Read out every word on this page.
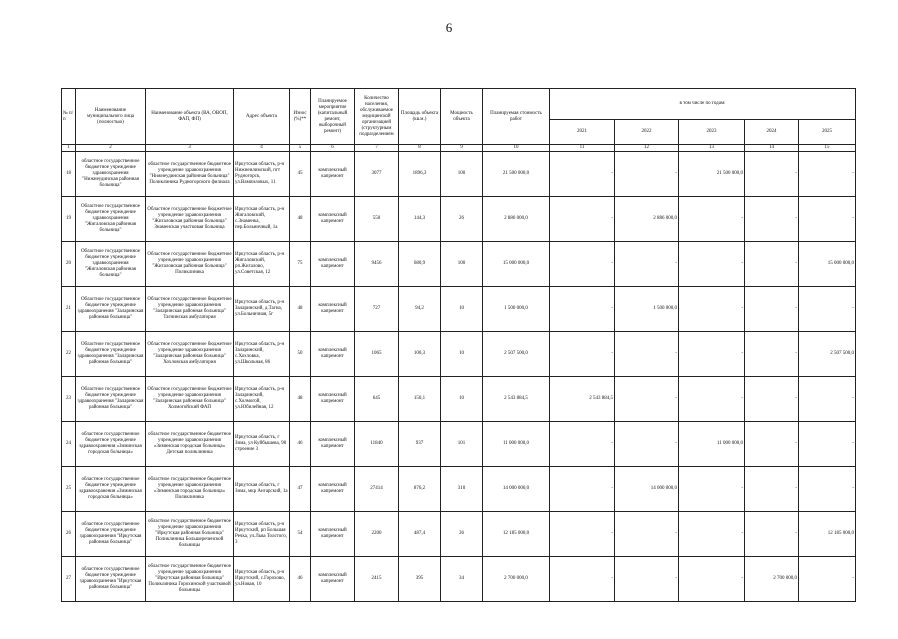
6
№ п/п	Наименование муниципального лица (полностью)	Наименование объекта (ВА, ОВОП, ФАП, ФП)	Адрес объекта	Износ (%)**	Планируемое мероприятие (капитальный ремонт, выборочный ремонт)	Количество населения, обслуживаемое медицинской организацией (структурным подразделением	Площадь объекта (кв.м.)	Мощность объекта	Планируемая стоимость работ	в том числе по годам:				
										2021	2022	2023	2024	2025
1	2	3	4	5	6	7	8	9	10	11	12	13	14	15
18	областное государственное бюджетное учреждение здравоохранения "Нижнеудинская районная больница"	областное государственное бюджетное учреждение здравоохранения "Нижнеудинская районная больница" Поликлиника Рудногорского филиала	Иркутская область, р-н Нижнеилимский, пгт Рудногорск, ул.Вампиловых, 11	45	комплексный капремонт	3077	1896,3	100	21 500 000,0	-	-	21 500 000,0	-	-
19	Областное государственное бюджетное учреждение здравоохранения "Жигаловская районная больница"	Областное государственное бюджетное учреждение здравоохранения "Жигаловская районная больница" Знаменская участковая больница	Иркутская область, р-н Жигаловский, с.Знаменка, пер.Больничный, 1а	48	комплексный капремонт	550	144,3	26	2 886 000,0	-	2 886 000,0	-	-	-
20	Областное государственное бюджетное учреждение здравоохранения "Жигаловская районная больница"	Областное государственное бюджетное учреждение здравоохранения "Жигаловская районная больница" Поликлиника	Иркутская область, р-н Жигаловский, рп.Жигалово, ул.Советская, 12	75	комплексный капремонт	9456	680,9	100	15 000 000,0	-	-	-	-	15 000 000,0
21	Областное государственное бюджетное учреждение здравоохранения "Заларинская районная больница"	Областное государственное бюджетное учреждение здравоохранения "Заларинская районная больница" Тагнинская амбулатория	Иркутская область, р-н Заларинский, д.Тагна, ул.Больничная, 5г	48	комплексный капремонт	727	94,2	10	1 500 000,0	-	1 500 000,0	-	-	-
22	Областное государственное бюджетное учреждение здравоохранения "Заларинская районная больница"	Областное государственное бюджетное учреждение здравоохранения "Заларинская районная больница" Хохловская амбулатория	Иркутская область, р-н Заларинский, с.Хохловка, ул.Школьная, 86	50	комплексный капремонт	1065	100,3	10	2 507 500,0	-	-	-	-	2 507 500,0
23	Областное государственное бюджетное учреждение здравоохранения "Заларинская районная больница"	Областное государственное бюджетное учреждение здравоохранения "Заларинская районная больница" Холмогойский ФАП	Иркутская область, р-н Заларинский, с.Холмогой, ул.Юбилейная, 12	48	комплексный капремонт	645	150,1	10	2 543 884,5	2 543 884,5	-	-	-	-
24	областное государственное бюджетное учреждение здравоохранения «Зиминская городская больница»	областное государственное бюджетное учреждение здравоохранения «Зиминская городская больница» Детская поликлиника	Иркутская область, г Зима, ул Куйбышева, 98 строение 3	46	комплексный капремонт	11840	937	101	11 000 000,0	-	-	11 000 000,0	-	-
25	областное государственное бюджетное учреждение здравоохранения «Зиминская городская больница»	областное государственное бюджетное учреждение здравоохранения «Зиминская городская больница» Поликлиника	Иркутская область, г Зима, мкр Ангарский, 1а	47	комплексный капремонт	27414	876,2	310	14 000 000,0	-	14 000 000,0	-	-	-
26	областное государственное бюджетное учреждение здравоохранения "Иркутская районная больница"	областное государственное бюджетное учреждение здравоохранения "Иркутская районная больница" Поликлиника Большереченской больницы	Иркутская область, р-н Иркутский, рп Большая Речка, ул.Льва Толстого, 3	54	комплексный капремонт	2200	487,4	36	12 185 000,0	-	-	-	-	12 185 000,0
27	областное государственное бюджетное учреждение здравоохранения "Иркутская районная больница"	областное государственное бюджетное учреждение здравоохранения "Иркутская районная больница" Поликлиника Горохинской участковой больницы	Иркутская область, р-н Иркутский, с.Горохово, ул.Новая, 10	46	комплексный капремонт	2415	395	34	2 700 000,0	-	-	-	2 700 000,0	-
